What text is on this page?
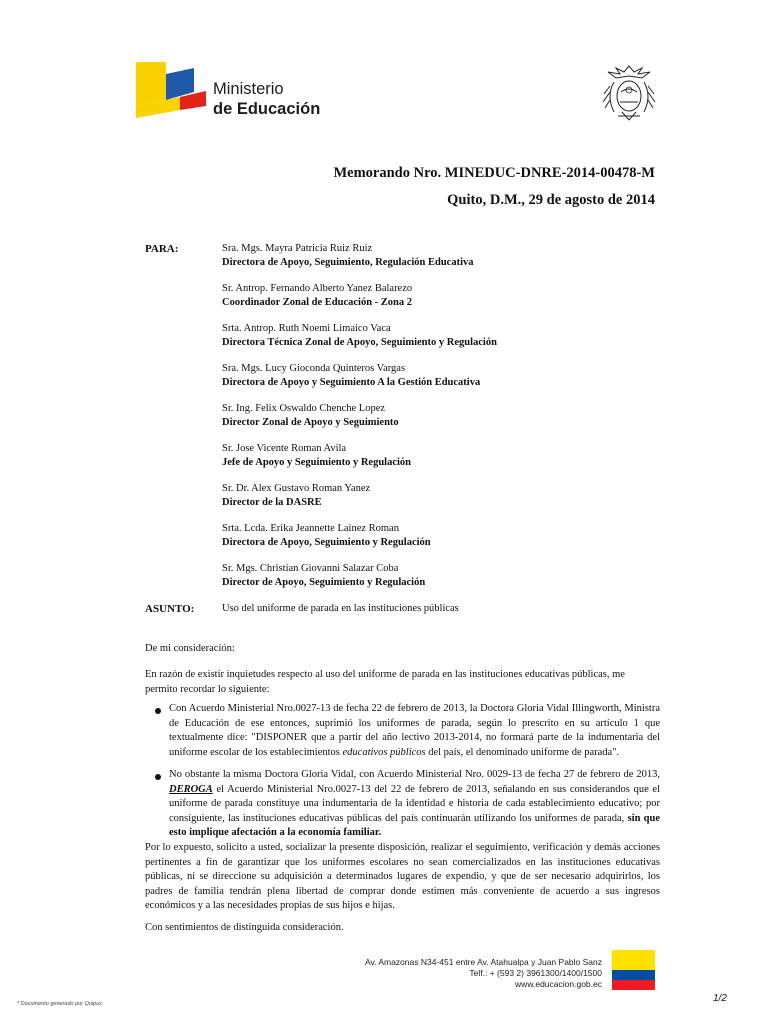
Ministerio
de Educación
Memorando Nro. MINEDUC-DNRE-2014-00478-M
Quito, D.M., 29 de agosto de 2014
PARA:	Sra. Mgs. Mayra Patricia Ruiz Ruiz
Directora de Apoyo, Seguimiento, Regulación Educativa
Sr. Antrop. Fernando Alberto Yanez Balarezo
Coordinador Zonal de Educación - Zona 2
Srta. Antrop. Ruth Noemi Limaico Vaca
Directora Técnica Zonal de Apoyo, Seguimiento y Regulación
Sra. Mgs. Lucy Gioconda Quinteros Vargas
Directora de Apoyo y Seguimiento A la Gestión Educativa
Sr. Ing. Felix Oswaldo Chenche Lopez
Director Zonal de Apoyo y Seguimiento
Sr. Jose Vicente Roman Avila
Jefe de Apoyo y Seguimiento y Regulación
Sr. Dr. Alex Gustavo Roman Yanez
Director de la DASRE
Srta. Lcda. Erika Jeannette Lainez Roman
Directora de Apoyo, Seguimiento y Regulación
Sr. Mgs. Christian Giovanni Salazar Coba
Director de Apoyo, Seguimiento y Regulación
ASUNTO:	Uso del uniforme de parada en las instituciones públicas
De mi consideración:
En razón de existir inquietudes respecto al uso del uniforme de parada en las instituciones educativas públicas, me permito recordar lo siguiente:
Con Acuerdo Ministerial Nro.0027-13 de fecha 22 de febrero de 2013, la Doctora Gloria Vidal Illingworth, Ministra de Educación de ese entonces, suprimió los uniformes de parada, según lo prescrito en su artículo 1 que textualmente dice: "DISPONER que a partir del año lectivo 2013-2014, no formará parte de la indumentaria del uniforme escolar de los establecimientos educativos públicos del país, el denominado uniforme de parada".
No obstante la misma Doctora Gloria Vidal, con Acuerdo Ministerial Nro. 0029-13 de fecha 27 de febrero de 2013, DEROGA el Acuerdo Ministerial Nro.0027-13 del 22 de febrero de 2013, señalando en sus considerandos que el uniforme de parada constituye una indumentaria de la identidad e historia de cada establecimiento educativo; por consiguiente, las instituciones educativas públicas del país continuarán utilizando los uniformes de parada, sin que esto implique afectación a la economía familiar.
Por lo expuesto, solicito a usted, socializar la presente disposición, realizar el seguimiento, verificación y demás acciones pertinentes a fin de garantizar que los uniformes escolares no sean comercializados en las instituciones educativas públicas, ni se direccione su adquisición a determinados lugares de expendio, y que de ser necesario adquirirlos, los padres de familia tendrán plena libertad de comprar donde estimen más conveniente de acuerdo a sus ingresos económicos y a las necesidades propias de sus hijos e hijas.
Con sentimientos de distinguida consideración.
Av. Amazonas N34-451 entre Av. Atahualpa y Juan Pablo Sanz
Telf.: + (593 2) 3961300/1400/1500
www.educacion.gob.ec
* Documento generado por Quipux	1/2
